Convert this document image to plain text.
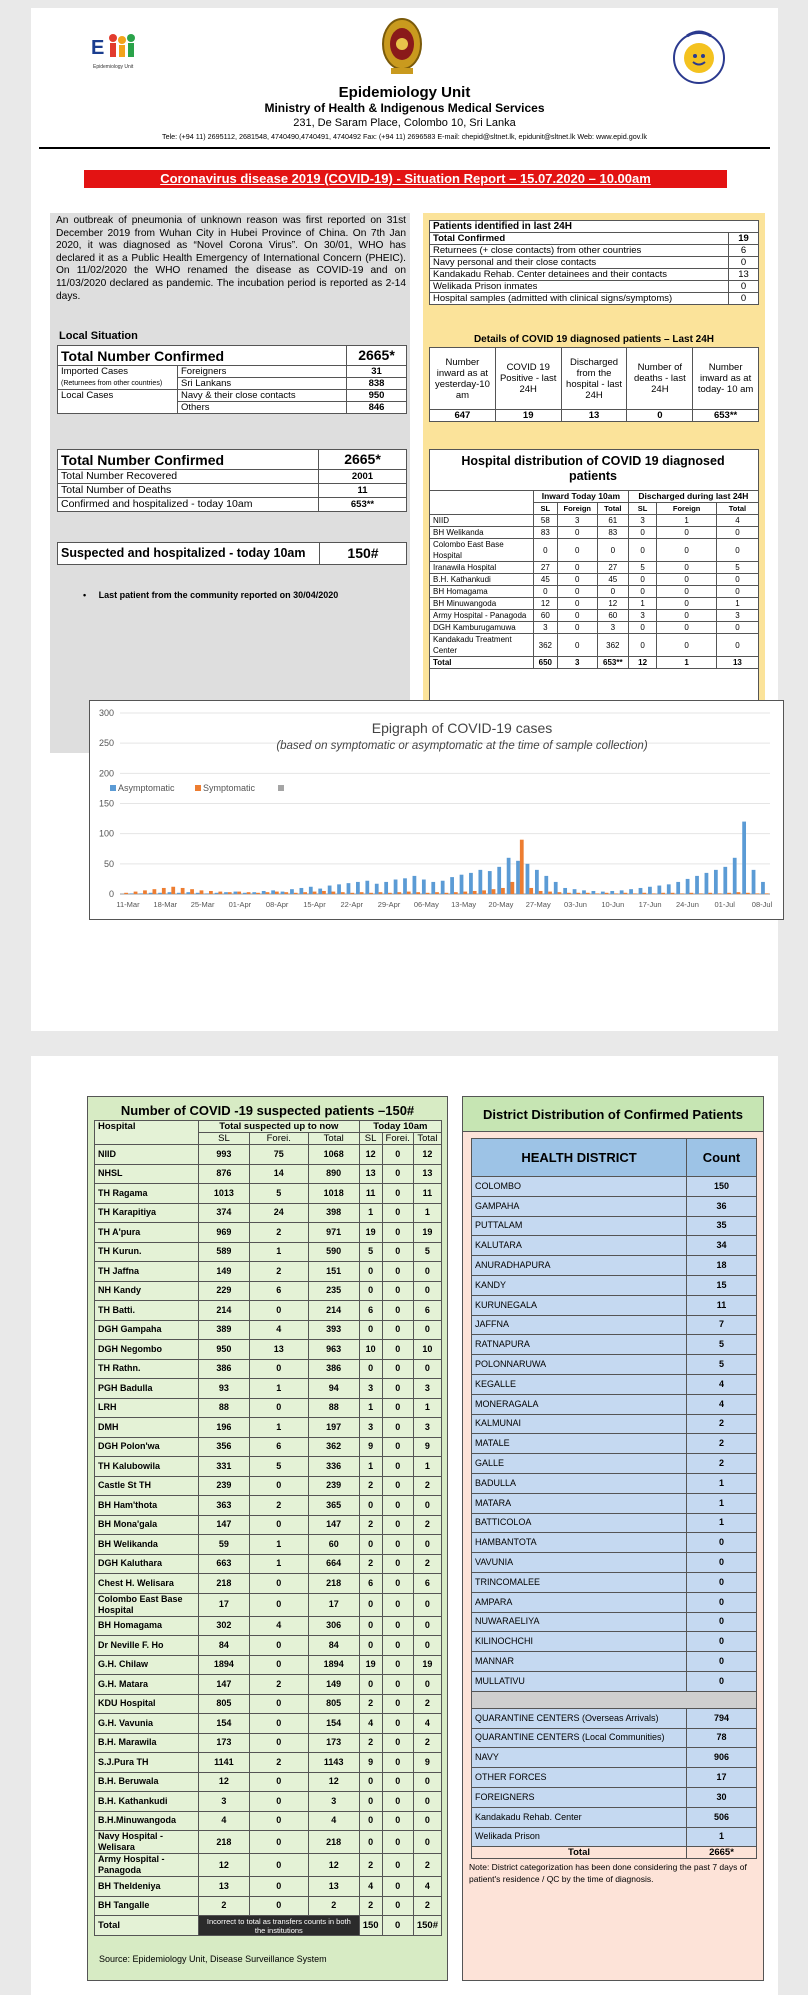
E
Epidemiology Unit
Epidemiology Unit
Ministry of Health & Indigenous Medical Services
231, De Saram Place, Colombo 10, Sri Lanka
Tele: (+94 11) 2695112, 2681548, 4740490,4740491, 4740492 Fax: (+94 11) 2696583 E-mail: chepid@sltnet.lk, epidunit@sltnet.lk Web: www.epid.gov.lk
Coronavirus disease 2019 (COVID-19) - Situation Report – 15.07.2020 – 10.00am
An outbreak of pneumonia of unknown reason was first reported on 31st December 2019 from Wuhan City in Hubei Province of China. On 7th Jan 2020, it was diagnosed as “Novel Corona Virus”. On 30/01, WHO has declared it as a Public Health Emergency of International Concern (PHEIC). On 11/02/2020 the WHO renamed the disease as COVID-19 and on 11/03/2020 declared as pandemic. The incubation period is reported as 2-14 days.
Local Situation
Total Number Confirmed		2665*
Imported Cases	Foreigners	31
(Returnees from other countries)	Sri Lankans	838
Local Cases	Navy & their close contacts	950
	Others	846
Total Number Confirmed	2665*
Total Number Recovered	2001
Total Number of Deaths	11
Confirmed and hospitalized - today 10am	653**
Suspected and hospitalized - today 10am	150#
•     Last patient from the community reported on 30/04/2020
Patients identified in last 24H	
Total Confirmed	19
Returnees (+ close contacts) from other countries	6
Navy personal and their close contacts	0
Kandakadu Rehab. Center detainees and their contacts	13
Welikada Prison inmates	0
Hospital samples (admitted with clinical signs/symptoms)	0
Details of COVID 19 diagnosed patients – Last 24H
Number inward as at yesterday-10 am	COVID 19 Positive - last 24H	Discharged from the hospital - last 24H	Number of deaths - last 24H	Number inward as at today- 10 am
647	19	13	0	653**
Hospital distribution of COVID 19 diagnosed patients
	Inward Today 10am			Discharged during last 24H		
	SL	Foreign	Total	SL	Foreign	Total
NIID	58	3	61	3	1	4
BH Welikanda	83	0	83	0	0	0
Colombo East Base Hospital	0	0	0	0	0	0
Iranawila Hospital	27	0	27	5	0	5
B.H. Kathankudi	45	0	45	0	0	0
BH Homagama	0	0	0	0	0	0
BH Minuwangoda	12	0	12	1	0	1
Army Hospital - Panagoda	60	0	60	3	0	3
DGH Kamburugamuwa	3	0	3	0	0	0
Kandakadu Treatment Center	362	0	362	0	0	0
Total	650	3	653**	12	1	13
0
50
100
150
200
250
300
Epigraph of COVID-19 cases
(based on symptomatic or asymptomatic at the time of sample collection)
Asymptomatic	Symptomatic
11-Mar 18-Mar 25-Mar 01-Apr 08-Apr 15-Apr 22-Apr 29-Apr 06-May 13-May 20-May 27-May 03-Jun 10-Jun 17-Jun 24-Jun 01-Jul 08-Jul
Number of COVID -19 suspected patients –150#
Hospital	Total suspected up to now			Today 10am		
	SL	Forei.	Total	SL	Forei.	Total
NIID	993	75	1068	12	0	12
NHSL	876	14	890	13	0	13
TH Ragama	1013	5	1018	11	0	11
TH Karapitiya	374	24	398	1	0	1
TH A'pura	969	2	971	19	0	19
TH Kurun.	589	1	590	5	0	5
TH Jaffna	149	2	151	0	0	0
NH Kandy	229	6	235	0	0	0
TH Batti.	214	0	214	6	0	6
DGH Gampaha	389	4	393	0	0	0
DGH Negombo	950	13	963	10	0	10
TH Rathn.	386	0	386	0	0	0
PGH Badulla	93	1	94	3	0	3
LRH	88	0	88	1	0	1
DMH	196	1	197	3	0	3
DGH Polon'wa	356	6	362	9	0	9
TH Kalubowila	331	5	336	1	0	1
Castle St TH	239	0	239	2	0	2
BH Ham'thota	363	2	365	0	0	0
BH Mona'gala	147	0	147	2	0	2
BH Welikanda	59	1	60	0	0	0
DGH Kaluthara	663	1	664	2	0	2
Chest H. Welisara	218	0	218	6	0	6
Colombo East Base Hospital	17	0	17	0	0	0
BH Homagama	302	4	306	0	0	0
Dr Neville F. Ho	84	0	84	0	0	0
G.H. Chilaw	1894	0	1894	19	0	19
G.H. Matara	147	2	149	0	0	0
KDU Hospital	805	0	805	2	0	2
G.H. Vavunia	154	0	154	4	0	4
B.H. Marawila	173	0	173	2	0	2
S.J.Pura TH	1141	2	1143	9	0	9
B.H. Beruwala	12	0	12	0	0	0
B.H. Kathankudi	3	0	3	0	0	0
B.H.Minuwangoda	4	0	4	0	0	0
Navy Hospital - Welisara	218	0	218	0	0	0
Army Hospital - Panagoda	12	0	12	2	0	2
BH Theldeniya	13	0	13	4	0	4
BH Tangalle	2	0	2	2	0	2
Total	Incorrect to total as transfers counts in both the institutions			150	0	150#
Source: Epidemiology Unit, Disease Surveillance System
District Distribution of Confirmed Patients
HEALTH DISTRICT	Count
COLOMBO	150
GAMPAHA	36
PUTTALAM	35
KALUTARA	34
ANURADHAPURA	18
KANDY	15
KURUNEGALA	11
JAFFNA	7
RATNAPURA	5
POLONNARUWA	5
KEGALLE	4
MONERAGALA	4
KALMUNAI	2
MATALE	2
GALLE	2
BADULLA	1
MATARA	1
BATTICOLOA	1
HAMBANTOTA	0
VAVUNIA	0
TRINCOMALEE	0
AMPARA	0
NUWARAELIYA	0
KILINOCHCHI	0
MANNAR	0
MULLATIVU	0

QUARANTINE CENTERS (Overseas Arrivals)	794
QUARANTINE CENTERS (Local Communities)	78
NAVY	906
OTHER FORCES	17
FOREIGNERS	30
Kandakadu Rehab. Center	506
Welikada Prison	1
Total	2665*
Note: District categorization has been done considering the past 7 days of patient's residence / QC by the time of diagnosis.
